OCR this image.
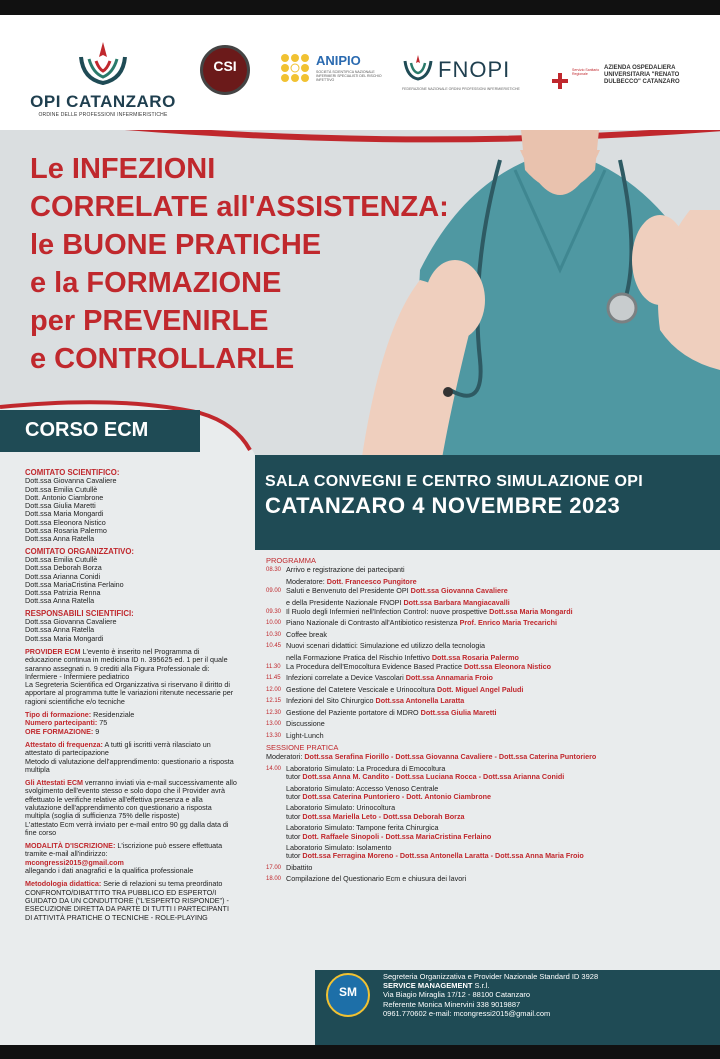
OPI CATANZARO
ORDINE DELLE PROFESSIONI INFERMIERISTICHE
CSI	ANIPIO
SOCIETÀ SCIENTIFICA NAZIONALE INFERMIERI SPECIALISTI DEL RISCHIO INFETTIVO	FNOPI
FEDERAZIONE NAZIONALE ORDINI PROFESSIONI INFERMIERISTICHE
Servizio Sanitario Regionale
AZIENDA OSPEDALIERA UNIVERSITARIA "RENATO DULBECCO" CATANZARO
Le INFEZIONI
CORRELATE all'ASSISTENZA:
le BUONE PRATICHE
e la FORMAZIONE
per PREVENIRLE
e CONTROLLARLE
CORSO ECM
SALA CONVEGNI E CENTRO SIMULAZIONE OPI
CATANZARO 4 NOVEMBRE 2023
COMITATO SCIENTIFICO:

Dott.ssa Giovanna Cavaliere

Dott.ssa Emilia Cutullè

Dott. Antonio Ciambrone

Dott.ssa Giulia Maretti

Dott.ssa Maria Mongardi

Dott.ssa Eleonora Nistico

Dott.ssa Rosaria Palermo

Dott.ssa Anna Ratella

COMITATO ORGANIZZATIVO:

Dott.ssa Emilia Cutullè

Dott.ssa Deborah Borza

Dott.ssa Arianna Conidi

Dott.ssa MariaCristina Ferlaino

Dott.ssa Patrizia Renna

Dott.ssa Anna Ratella

RESPONSABILI SCIENTIFICI:

Dott.ssa Giovanna Cavaliere

Dott.ssa Anna Ratella

Dott.ssa Maria Mongardi

PROVIDER ECM L'evento è inserito nel Programma di educazione continua in medicina ID n. 395625 ed. 1 per il quale saranno assegnati n. 9 crediti alla Figura Professionale di: Infermiere - Infermiere pediatrico

La Segreteria Scientifica ed Organizzativa si riservano il diritto di apportare al programma tutte le variazioni ritenute necessarie per ragioni scientifiche e/o tecniche

Tipo di formazione: Residenziale

Numero partecipanti: 75

ORE FORMAZIONE: 9

Attestato di frequenza: A tutti gli iscritti verrà rilasciato un attestato di partecipazione

Metodo di valutazione dell'apprendimento: questionario a risposta multipla

Gli Attestati ECM verranno inviati via e-mail successivamente allo svolgimento dell'evento stesso e solo dopo che il Provider avrà effettuato le verifiche relative all'effettiva presenza e alla valutazione dell'apprendimento con questionario a risposta multipla (soglia di sufficienza 75% delle risposte)

L'attestato Ecm verrà inviato per e-mail entro 90 gg dalla data di fine corso

MODALITÀ D'ISCRIZIONE: L'iscrizione può essere effettuata tramite e-mail all'indirizzo:

mcongressi2015@gmail.com

allegando i dati anagrafici e la qualifica professionale

Metodologia didattica: Serie di relazioni su tema preordinato CONFRONTO/DIBATTITO TRA PUBBLICO ED ESPERTO/I GUIDATO DA UN CONDUTTORE ("L'ESPERTO RISPONDE") - ESECUZIONE DIRETTA DA PARTE DI TUTTI I PARTECIPANTI DI ATTIVITÀ PRATICHE O TECNICHE - ROLE-PLAYING

PROGRAMMA
08.30 Arrivo e registrazione dei partecipanti
Moderatore: Dott. Francesco Pungitore
09.00 Saluti e Benvenuto del Presidente OPI Dott.ssa Giovanna Cavaliere
e della Presidente Nazionale FNOPI Dott.ssa Barbara Mangiacavalli
09.30 Il Ruolo degli Infermieri nell'Infection Control: nuove prospettive Dott.ssa Maria Mongardi
10.00 Piano Nazionale di Contrasto all'Antibiotico resistenza Prof. Enrico Maria Trecarichi
10.30 Coffee break
10.45 Nuovi scenari didattici: Simulazione ed utilizzo della tecnologia
nella Formazione Pratica del Rischio Infettivo Dott.ssa Rosaria Palermo
11.30 La Procedura dell'Emocoltura Evidence Based Practice Dott.ssa Eleonora Nistico
11.45 Infezioni correlate a Device Vascolari Dott.ssa Annamaria Froio
12.00 Gestione del Catetere Vescicale e Urinocoltura Dott. Miguel Angel Paludi
12.15 Infezioni del Sito Chirurgico Dott.ssa Antonella Laratta
12.30 Gestione del Paziente portatore di MDRO Dott.ssa Giulia Maretti
13.00 Discussione
13.30 Light-Lunch
SESSIONE PRATICA
Moderatori: Dott.ssa Serafina Fiorillo - Dott.ssa Giovanna Cavaliere - Dott.ssa Caterina Puntoriero
14.00 Laboratorio Simulato: La Procedura di Emocoltura
tutor Dott.ssa Anna M. Candito - Dott.ssa Luciana Rocca - Dott.ssa Arianna Conidi
Laboratorio Simulato: Accesso Venoso Centrale
tutor Dott.ssa Caterina Puntoriero - Dott. Antonio Ciambrone
Laboratorio Simulato: Urinocoltura
tutor Dott.ssa Mariella Leto - Dott.ssa Deborah Borza
Laboratorio Simulato: Tampone ferita Chirurgica
tutor Dott. Raffaele Sinopoli - Dott.ssa MariaCristina Ferlaino
Laboratorio Simulato: Isolamento
tutor Dott.ssa Ferragina Moreno - Dott.ssa Antonella Laratta - Dott.ssa Anna Maria Froio
17.00 Dibattito
18.00 Compilazione del Questionario Ecm e chiusura dei lavori
SM
Segreteria Organizzativa e Provider Nazionale Standard ID 3928
SERVICE MANAGEMENT S.r.l.
Via Biagio Miraglia 17/12 - 88100 Catanzaro
Referente Monica Minervini 338 9019887
0961.770602 e-mail: mcongressi2015@gmail.com
